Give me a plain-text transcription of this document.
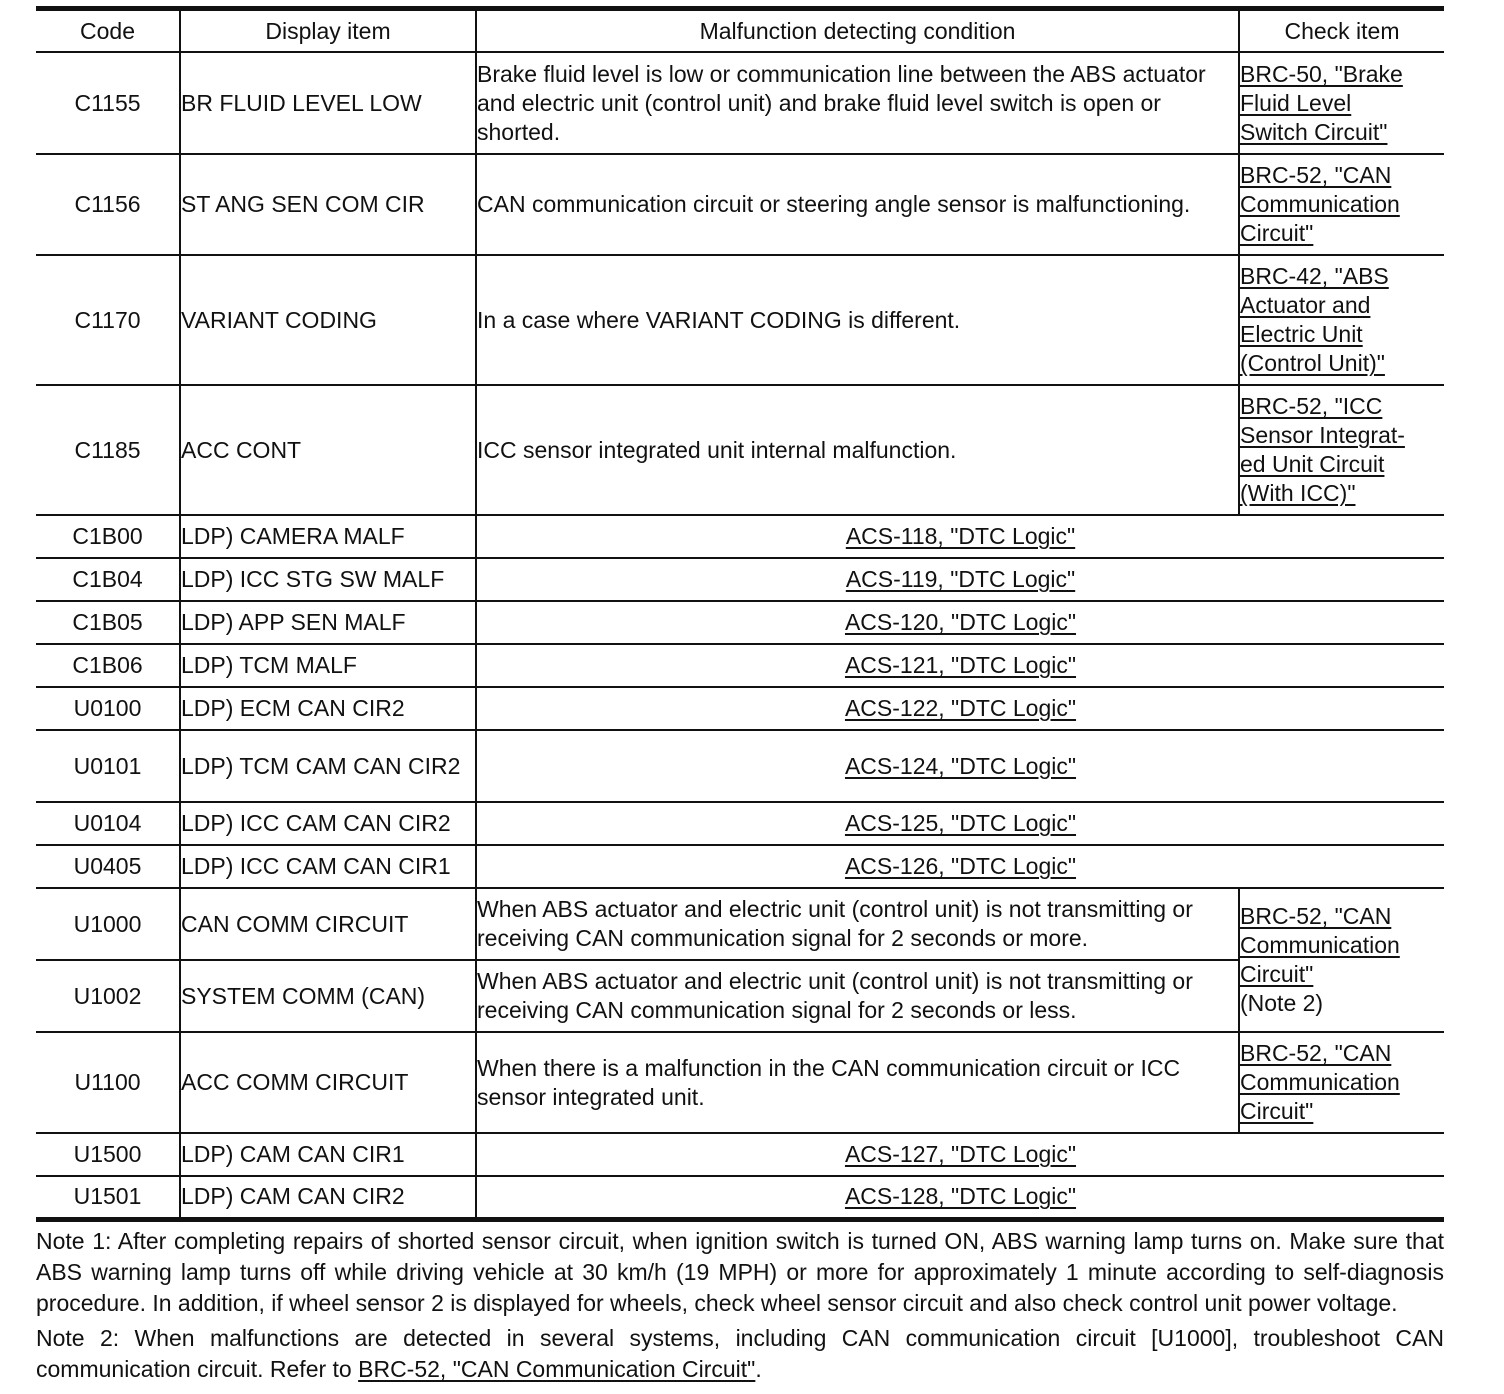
Code	Display item	Malfunction detecting condition	Check item
C1155	BR FLUID LEVEL LOW	Brake fluid level is low or communication line between the ABS actuator and electric unit (control unit) and brake fluid level switch is open or shorted.	BRC-50, "Brake
Fluid Level
Switch Circuit"

C1156	ST ANG SEN COM CIR	CAN communication circuit or steering angle sensor is malfunctioning.	BRC-52, "CAN
Communication
Circuit"

C1170	VARIANT CODING	In a case where VARIANT CODING is different.	BRC-42, "ABS
Actuator and
Electric Unit
(Control Unit)"

C1185	ACC CONT	ICC sensor integrated unit internal malfunction.	BRC-52, "ICC
Sensor Integrat-
ed Unit Circuit
(With ICC)"

C1B00	LDP) CAMERA MALF	ACS-118, "DTC Logic"	
C1B04	LDP) ICC STG SW MALF	ACS-119, "DTC Logic"	
C1B05	LDP) APP SEN MALF	ACS-120, "DTC Logic"	
C1B06	LDP) TCM MALF	ACS-121, "DTC Logic"	
U0100	LDP) ECM CAN CIR2	ACS-122, "DTC Logic"	
U0101	LDP) TCM CAM CAN CIR2	ACS-124, "DTC Logic"	
U0104	LDP) ICC CAM CAN CIR2	ACS-125, "DTC Logic"	
U0405	LDP) ICC CAM CAN CIR1	ACS-126, "DTC Logic"	
U1000	CAN COMM CIRCUIT	When ABS actuator and electric unit (control unit) is not transmitting or receiving CAN communication signal for 2 seconds or more.	BRC-52, "CAN
Communication
Circuit"
(Note 2)

U1002	SYSTEM COMM (CAN)	When ABS actuator and electric unit (control unit) is not transmitting or receiving CAN communication signal for 2 seconds or less.	
U1100	ACC COMM CIRCUIT	When there is a malfunction in the CAN communication circuit or ICC sensor integrated unit.	BRC-52, "CAN
Communication
Circuit"

U1500	LDP) CAM CAN CIR1	ACS-127, "DTC Logic"	
U1501	LDP) CAM CAN CIR2	ACS-128, "DTC Logic"	

Note 1: After completing repairs of shorted sensor circuit, when ignition switch is turned ON, ABS warning lamp turns on. Make sure that ABS warning lamp turns off while driving vehicle at 30 km/h (19 MPH) or more for approximately 1 minute according to self-diagnosis procedure. In addition, if wheel sensor 2 is displayed for wheels, check wheel sensor circuit and also check control unit power voltage.

Note 2: When malfunctions are detected in several systems, including CAN communication circuit [U1000], troubleshoot CAN communication circuit. Refer to BRC-52, "CAN Communication Circuit".
